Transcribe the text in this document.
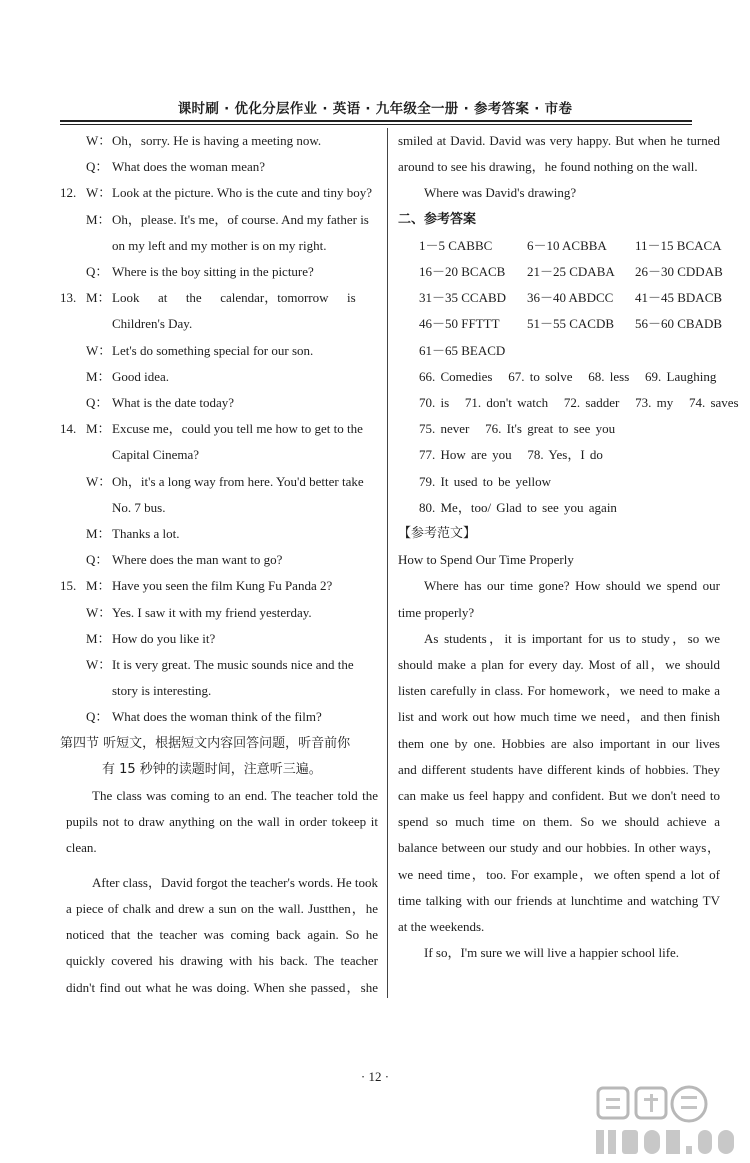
课时刷 · 优化分层作业 · 英语 · 九年级全一册 · 参考答案 · 市卷
W： Oh，sorry. He is having a meeting now.
Q： What does the woman mean?
12. W： Look at the picture. Who is the cute and tiny boy?
M： Oh，please. It's me，of course. And my father is
on my left and my mother is on my right.
Q： Where is the boy sitting in the picture?
13. M： Look  at  the  calendar，tomorrow  is
Children's Day.
W： Let's do something special for our son.
M： Good idea.
Q： What is the date today?
14. M： Excuse me，could you tell me how to get to the
Capital Cinema?
W： Oh，it's a long way from here. You'd better take
No. 7 bus.
M： Thanks a lot.
Q： Where does the man want to go?
15. M： Have you seen the film Kung Fu Panda 2?
W： Yes. I saw it with my friend yesterday.
M： How do you like it?
W： It is very great. The music sounds nice and the
story is interesting.
Q： What does the woman think of the film?
第四节 听短文，根据短文内容回答问题，听音前你
有 15 秒钟的读题时间，注意听三遍。
The class was coming to an end. The teacher told the
pupils not to draw anything on the wall in order tokeep it
clean.
After class，David forgot the teacher's words. He took
a piece of chalk and drew a sun on the wall. Justthen，he
noticed that the teacher was coming back again. So he
quickly covered his drawing with his back. The teacher
didn't find out what he was doing. When she passed，she
smiled at David. David was very happy. But when he turned
around to see his drawing，he found nothing on the wall.
Where was David's drawing?
二、参考答案
1－5 CABBC	6－10 ACBBA	11－15 BCACA
16－20 BCACB	21－25 CDABA	26－30 CDDAB
31－35 CCABD	36－40 ABDCC	41－45 BDACB
46－50 FFTTT	51－55 CACDB	56－60 CBADB
61－65 BEACD
66. Comedies   67. to solve   68. less   69. Laughing
70. is   71. don't watch   72. sadder   73. my   74. saves
75. never   76. It's great to see you
77. How are you   78. Yes，I do
79. It used to be yellow
80. Me，too/ Glad to see you again
【参考范文】
How to Spend Our Time Properly
Where has our time gone? How should we spend our
time properly?
As students，it is important for us to study，so we
should make a plan for every day. Most of all，we should
listen carefully in class. For homework，we need to make a
list and work out how much time we need，and then finish
them one by one. Hobbies are also important in our lives
and different students have different kinds of hobbies. They
can make us feel happy and confident. But we don't need to
spend so much time on them. So we should achieve a
balance between our study and our hobbies. In other ways，
we need time，too. For example，we often spend a lot of
time talking with our friends at lunchtime and watching TV
at the weekends.
If so，I'm sure we will live a happier school life.
· 12 ·
